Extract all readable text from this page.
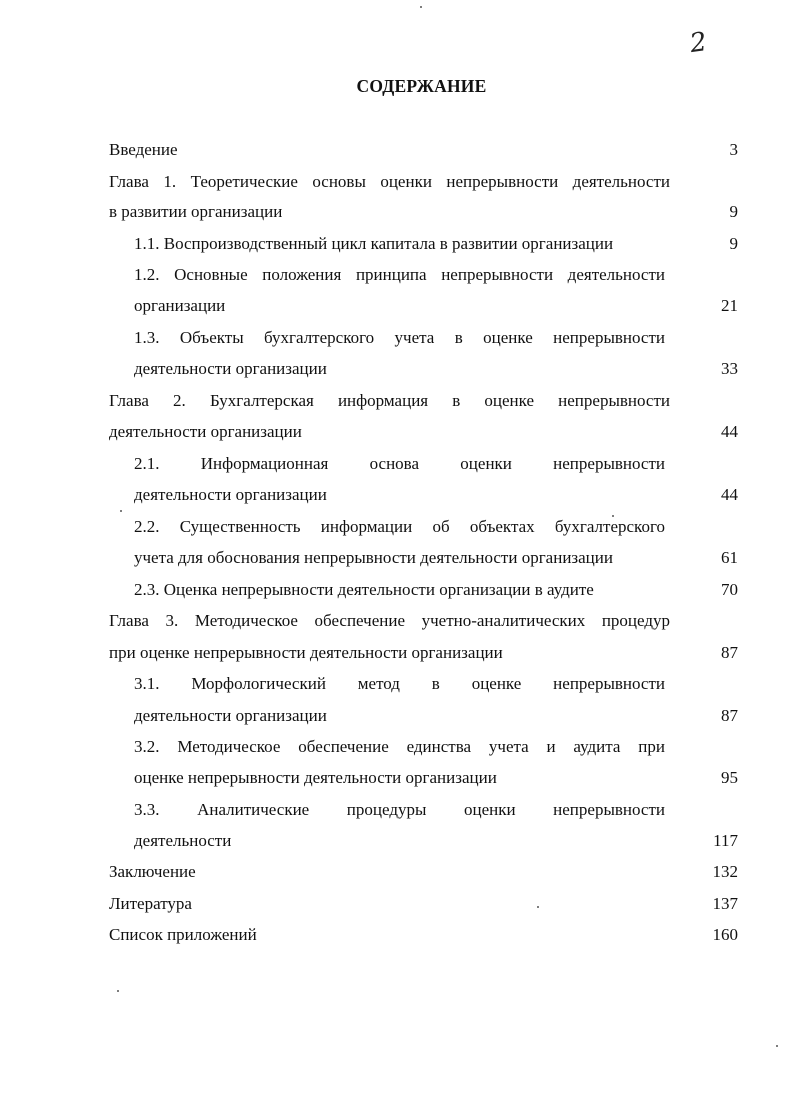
2
СОДЕРЖАНИЕ
Введение	3
Глава 1. Теоретические основы оценки непрерывности деятельности
в развитии организации	9
1.1. Воспроизводственный цикл капитала в развитии организации	9
1.2. Основные положения принципа непрерывности деятельности
организации	21
1.3. Объекты бухгалтерского учета в оценке непрерывности
деятельности организации	33
Глава 2. Бухгалтерская информация в оценке непрерывности
деятельности организации	44
2.1. Информационная основа оценки непрерывности
деятельности организации	44
2.2. Существенность информации об объектах бухгалтерского
учета для обоснования непрерывности деятельности организации	61
2.3. Оценка непрерывности деятельности организации в аудите	70
Глава 3. Методическое обеспечение учетно-аналитических процедур
при оценке непрерывности деятельности организации	87
3.1. Морфологический метод в оценке непрерывности
деятельности организации	87
3.2. Методическое обеспечение единства учета и аудита при
оценке непрерывности деятельности организации	95
3.3. Аналитические процедуры оценки непрерывности
деятельности	117
Заключение	132
Литература	137
Список приложений	160
